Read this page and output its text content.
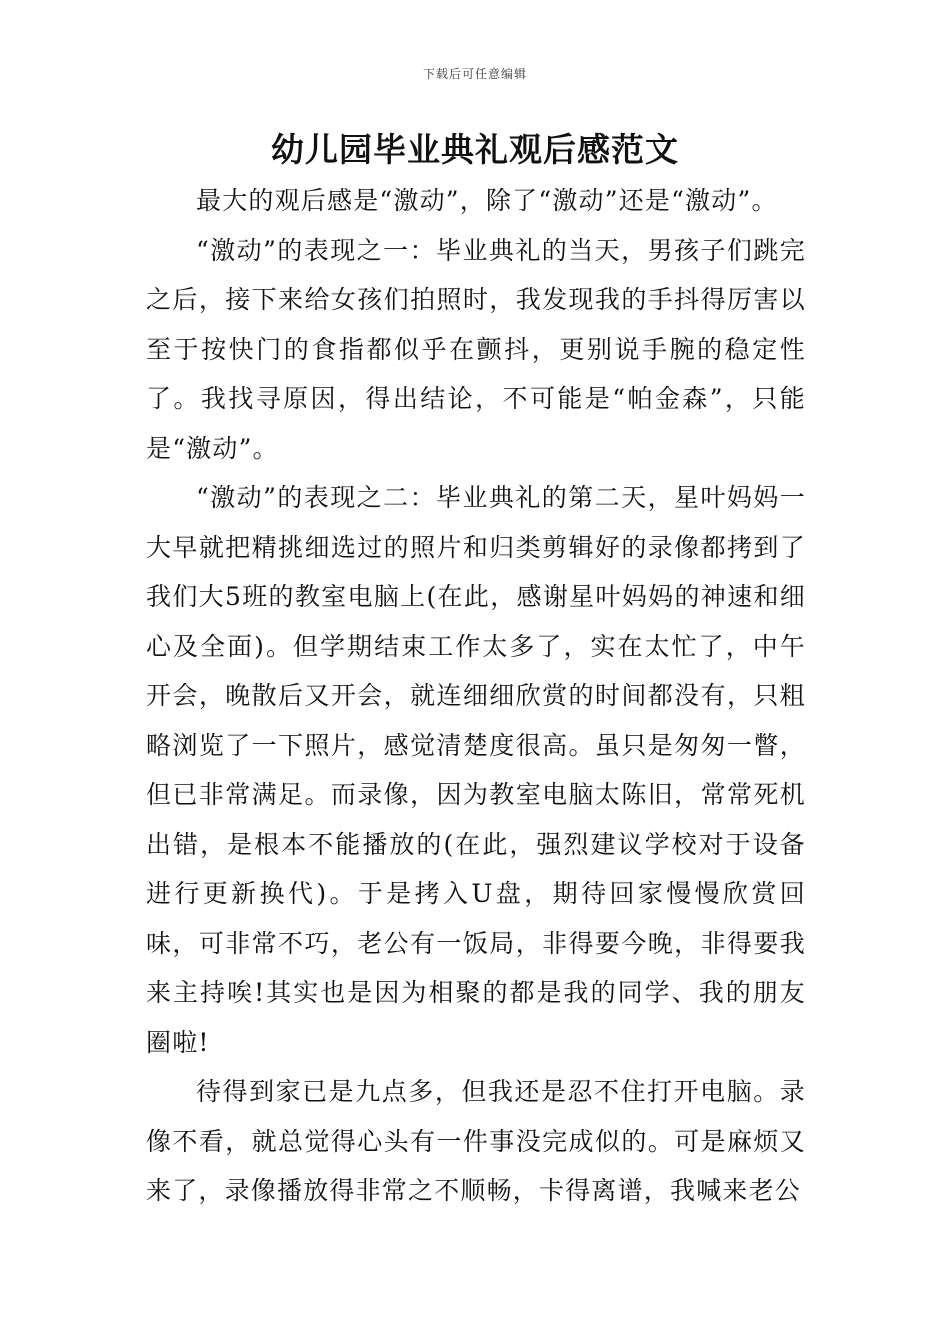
下载后可任意编辑
幼儿园毕业典礼观后感范文

最大的观后感是“激动”，除了“激动”还是“激动”。

“激动”的表现之一：毕业典礼的当天，男孩子们跳完之后，接下来给女孩们拍照时，我发现我的手抖得厉害以至于按快门的食指都似乎在颤抖，更别说手腕的稳定性了。我找寻原因，得出结论，不可能是“帕金森”，只能是“激动”。

“激动”的表现之二：毕业典礼的第二天，星叶妈妈一大早就把精挑细选过的照片和归类剪辑好的录像都拷到了我们大5班的教室电脑上(在此，感谢星叶妈妈的神速和细心及全面)。但学期结束工作太多了，实在太忙了，中午开会，晚散后又开会，就连细细欣赏的时间都没有，只粗略浏览了一下照片，感觉清楚度很高。虽只是匆匆一瞥，但已非常满足。而录像，因为教室电脑太陈旧，常常死机出错，是根本不能播放的(在此，强烈建议学校对于设备进行更新换代)。于是拷入U盘，期待回家慢慢欣赏回味，可非常不巧，老公有一饭局，非得要今晚，非得要我来主持唉!其实也是因为相聚的都是我的同学、我的朋友圈啦!

待得到家已是九点多，但我还是忍不住打开电脑。录像不看，就总觉得心头有一件事没完成似的。可是麻烦又来了，录像播放得非常之不顺畅，卡得离谱，我喊来老公
